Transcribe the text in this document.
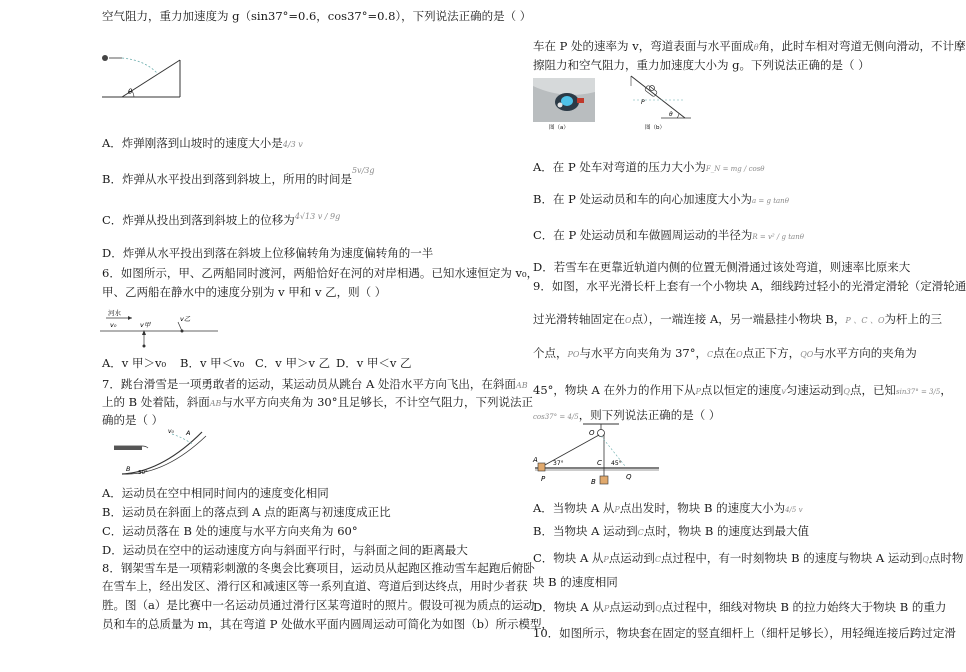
空气阻力，重力加速度为 g（sin37°=0.6，cos37°=0.8），下列说法正确的是（ ）
θ
A．炸弹刚落到山坡时的速度大小是4/3 v
B．炸弹从水平投出到落到斜坡上，所用的时间是$^{5v/3g}$
C．炸弹从投出到落到斜坡上的位移为$^{4√13 v / 9g}$
D．炸弹从水平投出到落在斜坡上位移偏转角为速度偏转角的一半
6．如图所示，甲、乙两船同时渡河，两船恰好在河的对岸相遇。已知水速恒定为 v₀，
甲、乙两船在静水中的速度分别为 v 甲和 v 乙，则（ ）
河水
v₀	v甲
v乙
A．v 甲＞v₀ B．v 甲＜v₀ C．v 甲＞v 乙 D．v 甲＜v 乙
7．跳台滑雪是一项勇敢者的运动，某运动员从跳台 A 处沿水平方向飞出，在斜面AB
上的 B 处着陆，斜面AB与水平方向夹角为 30°且足够长，不计空气阻力，下列说法正
确的是（ ）
v₀ A
B 30°
A．运动员在空中相同时间内的速度变化相同
B．运动员在斜面上的落点到 A 点的距离与初速度成正比
C．运动员落在 B 处的速度与水平方向夹角为 60°
D．运动员在空中的运动速度方向与斜面平行时，与斜面之间的距离最大
8．钢架雪车是一项精彩刺激的冬奥会比赛项目，运动员从起跑区推动雪车起跑后俯卧
在雪车上，经出发区、滑行区和减速区等一系列直道、弯道后到达终点，用时少者获
胜。图（a）是比赛中一名运动员通过滑行区某弯道时的照片。假设可视为质点的运动
员和车的总质量为 m，其在弯道 P 处做水平面内圆周运动可简化为如图（b）所示模型，
车在 P 处的速率为 v，弯道表面与水平面成θ角，此时车相对弯道无侧向滑动，不计摩
擦阻力和空气阻力，重力加速度大小为 g。下列说法正确的是（ ）
图（a）
θ
P
图（b）
A．在 P 处车对弯道的压力大小为F_N = mg / cosθ
B．在 P 处运动员和车的向心加速度大小为a = g tanθ
C．在 P 处运动员和车做圆周运动的半径为R = v² / g tanθ
D．若雪车在更靠近轨道内侧的位置无侧滑通过该处弯道，则速率比原来大
9．如图，水平光滑长杆上套有一个小物块 A，细线跨过轻小的光滑定滑轮（定滑轮通
过光滑转轴固定在O点），一端连接 A，另一端悬挂小物块 B，P 、C 、O为杆上的三
个点，PO与水平方向夹角为 37°，C点在O点正下方，QO与水平方向的夹角为
45°，物块 A 在外力的作用下从P点以恒定的速度v匀速运动到Q点，已知sin37° = 3/5，
cos37° = 4/5，则下列说法正确的是（ ）
O
A
P
37°	C 45°
Q
B
A．当物块 A 从P点出发时，物块 B 的速度大小为4/5 v
B．当物块 A 运动到C点时，物块 B 的速度达到最大值
C．物块 A 从P点运动到C点过程中，有一时刻物块 B 的速度与物块 A 运动到Q点时物
块 B 的速度相同
D．物块 A 从P点运动到Q点过程中，细线对物块 B 的拉力始终大于物块 B 的重力
10．如图所示，物块套在固定的竖直细杆上（细杆足够长），用轻绳连接后跨过定滑
